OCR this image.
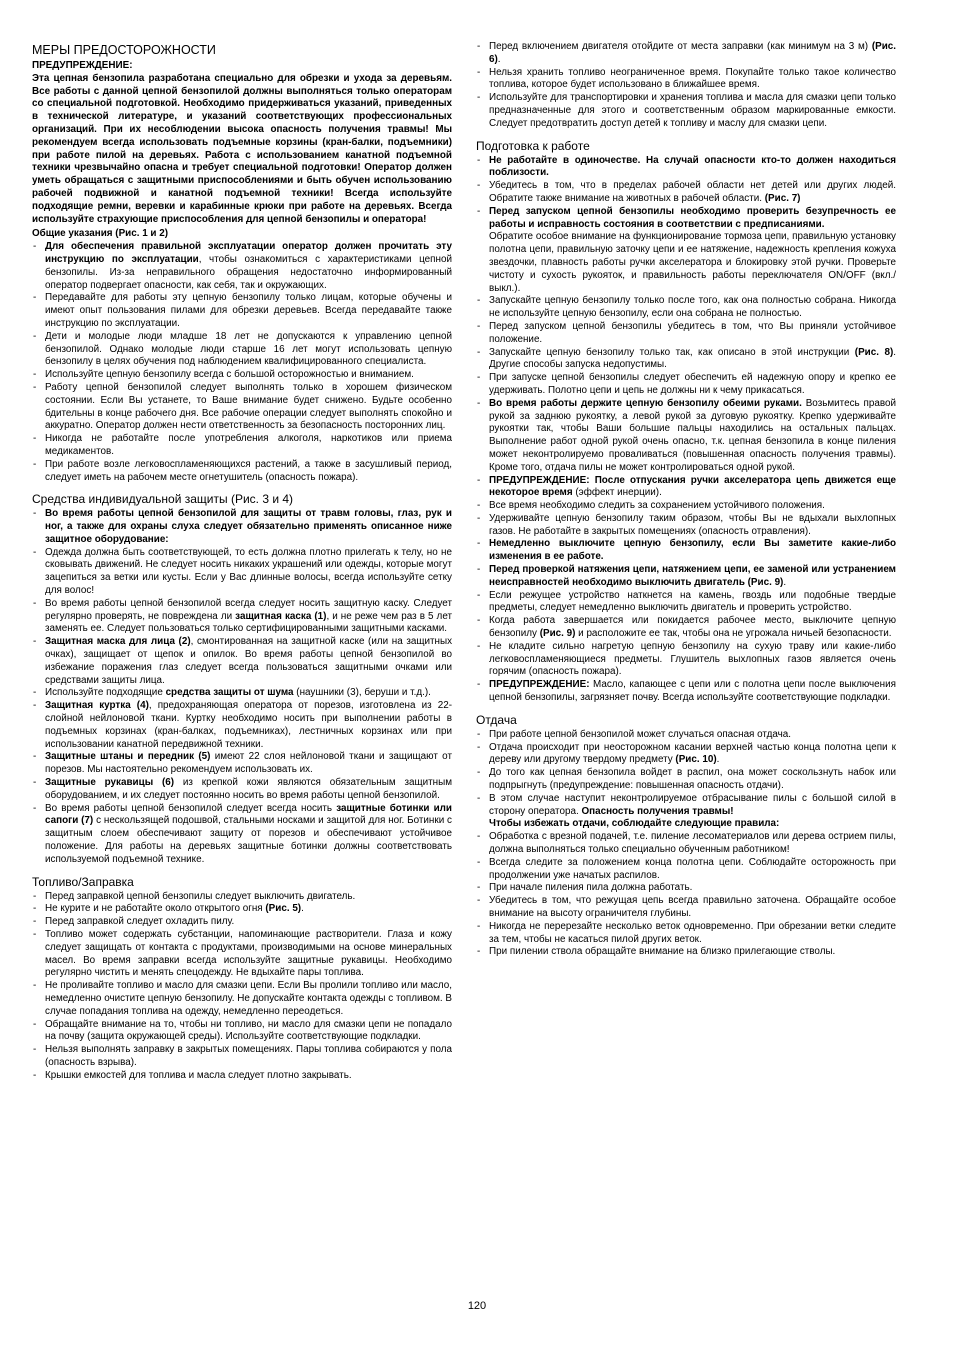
МЕРЫ ПРЕДОСТОРОЖНОСТИ
ПРЕДУПРЕЖДЕНИЕ:
Эта цепная бензопила разработана специально для обрезки и ухода за деревьям. Все работы с данной цепной бензопилой должны выполняться только операторам со специальной подготовкой. Необходимо придерживаться указаний, приведенных в технической литературе, и указаний соответствующих профессиональных организаций. При их несоблюдении высока опасность получения травмы! Мы рекомендуем всегда использовать подъемные корзины (кран-балки, подъемники) при работе пилой на деревьях. Работа с использованием канатной подъемной техники чрезвычайно опасна и требует специальной подготовки! Оператор должен уметь обращаться с защитными приспособлениями и быть обучен использованию рабочей подвижной и канатной подъемной техники! Всегда используйте подходящие ремни, веревки и карабинные крюки при работе на деревьях. Всегда используйте страхующие приспособления для цепной бензопилы и оператора!
Общие указания (Рис. 1 и 2)
- Для обеспечения правильной эксплуатации оператор должен прочитать эту инструкцию по эксплуатации, чтобы ознакомиться с характеристиками цепной бензопилы. Из-за неправильного обращения недостаточно информированный оператор подвергает опасности, как себя, так и окружающих.
- Передавайте для работы эту цепную бензопилу только лицам, которые обучены и имеют опыт пользования пилами для обрезки деревьев. Всегда передавайте также инструкцию по эксплуатации.
- Дети и молодые люди младше 18 лет не допускаются к управлению цепной бензопилой. Однако молодые люди старше 16 лет могут использовать цепную бензопилу в целях обучения под наблюдением квалифицированного специалиста.
- Используйте цепную бензопилу всегда с большой осторожностью и вниманием.
- Работу цепной бензопилой следует выполнять только в хорошем физическом состоянии. Если Вы устанете, то Ваше внимание будет снижено. Будьте особенно бдительны в конце рабочего дня. Все рабочие операции следует выполнять спокойно и аккуратно. Оператор должен нести ответственность за безопасность посторонних лиц.
- Никогда не работайте после употребления алкоголя, наркотиков или приема медикаментов.
- При работе возле легковоспламеняющихся растений, а также в засушливый период, следует иметь на рабочем месте огнетушитель (опасность пожара).
Средства индивидуальной защиты (Рис. 3 и 4)
- Во время работы цепной бензопилой для защиты от травм головы, глаз, рук и ног, а также для охраны слуха следует обязательно применять описанное ниже защитное оборудование:
- Одежда должна быть соответствующей, то есть должна плотно прилегать к телу, но не сковывать движений. Не следует носить никаких украшений или одежды, которые могут зацепиться за ветки или кусты. Если у Вас длинные волосы, всегда используйте сетку для волос!
- Во время работы цепной бензопилой всегда следует носить защитную каску. Следует регулярно проверять, не повреждена ли защитная каска (1), и не реже чем раз в 5 лет заменять ее. Следует пользоваться только сертифицированными защитными касками.
- Защитная маска для лица (2), смонтированная на защитной каске (или на защитных очках), защищает от щепок и опилок. Во время работы цепной бензопилой во избежание поражения глаз следует всегда пользоваться защитными очками или средствами защиты лица.
- Используйте подходящие средства защиты от шума (наушники (3), беруши и т.д.).
- Защитная куртка (4), предохраняющая оператора от порезов, изготовлена из 22-слойной нейлоновой ткани. Куртку необходимо носить при выполнении работы в подъемных корзинах (кран-балках, подъемниках), лестничных корзинах или при использовании канатной передвижной техники.
- Защитные штаны и передник (5) имеют 22 слоя нейлоновой ткани и защищают от порезов. Мы настоятельно рекомендуем использовать их.
- Защитные рукавицы (6) из крепкой кожи являются обязательным защитным оборудованием, и их следует постоянно носить во время работы цепной бензопилой.
- Во время работы цепной бензопилой следует всегда носить защитные ботинки или сапоги (7) с нескользящей подошвой, стальными носками и защитой для ног. Ботинки с защитным слоем обеспечивают защиту от порезов и обеспечивают устойчивое положение. Для работы на деревьях защитные ботинки должны соответствовать используемой подъемной технике.
Топливо/Заправка
- Перед заправкой цепной бензопилы следует выключить двигатель.
- Не курите и не работайте около открытого огня (Рис. 5).
- Перед заправкой следует охладить пилу.
- Топливо может содержать субстанции, напоминающие растворители. Глаза и кожу следует защищать от контакта с продуктами, производимыми на основе минеральных масел. Во время заправки всегда используйте защитные рукавицы. Необходимо регулярно чистить и менять спецодежду. Не вдыхайте пары топлива.
- Не проливайте топливо и масло для смазки цепи. Если Вы пролили топливо или масло, немедленно очистите цепную бензопилу. Не допускайте контакта одежды с топливом. В случае попадания топлива на одежду, немедленно переодеться.
- Обращайте внимание на то, чтобы ни топливо, ни масло для смазки цепи не попадало на почву (защита окружающей среды). Используйте соответствующие подкладки.
- Нельзя выполнять заправку в закрытых помещениях. Пары топлива собираются у пола (опасность взрыва).
- Крышки емкостей для топлива и масла следует плотно закрывать.
- Перед включением двигателя отойдите от места заправки (как минимум на 3 м) (Рис. 6).
- Нельзя хранить топливо неограниченное время. Покупайте только такое количество топлива, которое будет использовано в ближайшее время.
- Используйте для транспортировки и хранения топлива и масла для смазки цепи только предназначенные для этого и соответственным образом маркированные емкости. Следует предотвратить доступ детей к топливу и маслу для смазки цепи.
Подготовка к работе
- Не работайте в одиночестве. На случай опасности кто-то должен находиться поблизости.
- Убедитесь в том, что в пределах рабочей области нет детей или других людей. Обратите также внимание на животных в рабочей области. (Рис. 7)
- Перед запуском цепной бензопилы необходимо проверить безупречность ее работы и исправность состояния в соответствии с предписаниями.
Обратите особое внимание на функционирование тормоза цепи, правильную установку полотна цепи, правильную заточку цепи и ее натяжение, надежность крепления кожуха звездочки, плавность работы ручки акселератора и блокировку этой ручки. Проверьте чистоту и сухость рукояток, и правильность работы переключателя ON/OFF (вкл./выкл.).
- Запускайте цепную бензопилу только после того, как она полностью собрана. Никогда не используйте цепную бензопилу, если она собрана не полностью.
- Перед запуском цепной бензопилы убедитесь в том, что Вы приняли устойчивое положение.
- Запускайте цепную бензопилу только так, как описано в этой инструкции (Рис. 8). Другие способы запуска недопустимы.
- При запуске цепной бензопилы следует обеспечить ей надежную опору и крепко ее удерживать. Полотно цепи и цепь не должны ни к чему прикасаться.
- Во время работы держите цепную бензопилу обеими руками. Возьмитесь правой рукой за заднюю рукоятку, а левой рукой за дуговую рукоятку. Крепко удерживайте рукоятки так, чтобы Ваши большие пальцы находились на остальных пальцах. Выполнение работ одной рукой очень опасно, т.к. цепная бензопила в конце пиления может неконтролируемо проваливаться (повышенная опасность получения травмы). Кроме того, отдача пилы не может контролироваться одной рукой.
- ПРЕДУПРЕЖДЕНИЕ: После отпускания ручки акселератора цепь движется еще некоторое время (эффект инерции).
- Все время необходимо следить за сохранением устойчивого положения.
- Удерживайте цепную бензопилу таким образом, чтобы Вы не вдыхали выхлопных газов. Не работайте в закрытых помещениях (опасность отравления).
- Немедленно выключите цепную бензопилу, если Вы заметите какие-либо изменения в ее работе.
- Перед проверкой натяжения цепи, натяжением цепи, ее заменой или устранением неисправностей необходимо выключить двигатель (Рис. 9).
- Если режущее устройство наткнется на камень, гвоздь или подобные твердые предметы, следует немедленно выключить двигатель и проверить устройство.
- Когда работа завершается или покидается рабочее место, выключите цепную бензопилу (Рис. 9) и расположите ее так, чтобы она не угрожала ничьей безопасности.
- Не кладите сильно нагретую цепную бензопилу на сухую траву или какие-либо легковоспламеняющиеся предметы. Глушитель выхлопных газов является очень горячим (опасность пожара).
- ПРЕДУПРЕЖДЕНИЕ: Масло, капающее с цепи или с полотна цепи после выключения цепной бензопилы, загрязняет почву. Всегда используйте соответствующие подкладки.
Отдача
- При работе цепной бензопилой может случаться опасная отдача.
- Отдача происходит при неосторожном касании верхней частью конца полотна цепи к дереву или другому твердому предмету (Рис. 10).
- До того как цепная бензопила войдет в распил, она может соскользнуть набок или подпрыгнуть (предупреждение: повышенная опасность отдачи).
- В этом случае наступит неконтролируемое отбрасывание пилы с большой силой в сторону оператора. Опасность получения травмы!
Чтобы избежать отдачи, соблюдайте следующие правила:
- Обработка с врезной подачей, т.е. пиление лесоматериалов или дерева острием пилы, должна выполняться только специально обученным работником!
- Всегда следите за положением конца полотна цепи. Соблюдайте осторожность при продолжении уже начатых распилов.
- При начале пиления пила должна работать.
- Убедитесь в том, что режущая цепь всегда правильно заточена. Обращайте особое внимание на высоту ограничителя глубины.
- Никогда не перерезайте несколько веток одновременно. При обрезании ветки следите за тем, чтобы не касаться пилой других веток.
- При пилении ствола обращайте внимание на близко прилегающие стволы.
120
